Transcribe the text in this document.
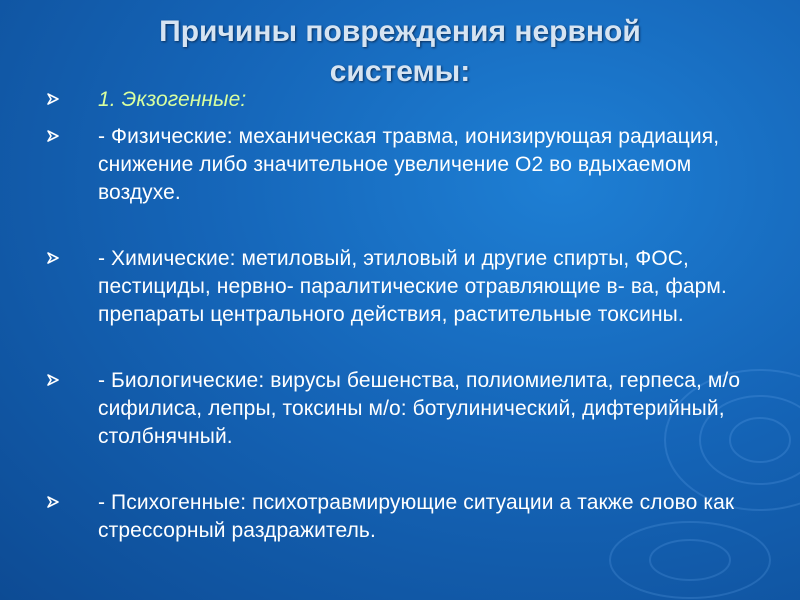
Причины повреждения нервной
системы:
1. Экзогенные:
- Физические: механическая травма, ионизирующая радиация, снижение либо значительное увеличение О2 во вдыхаемом воздухе.
- Химические: метиловый, этиловый и другие спирты, ФОС, пестициды, нервно- паралитические отравляющие в- ва, фарм. препараты центрального действия, растительные токсины.
- Биологические: вирусы бешенства, полиомиелита, герпеса, м/о сифилиса, лепры, токсины м/о: ботулинический, дифтерийный, столбнячный.
- Психогенные: психотравмирующие ситуации а также слово как стрессорный раздражитель.
